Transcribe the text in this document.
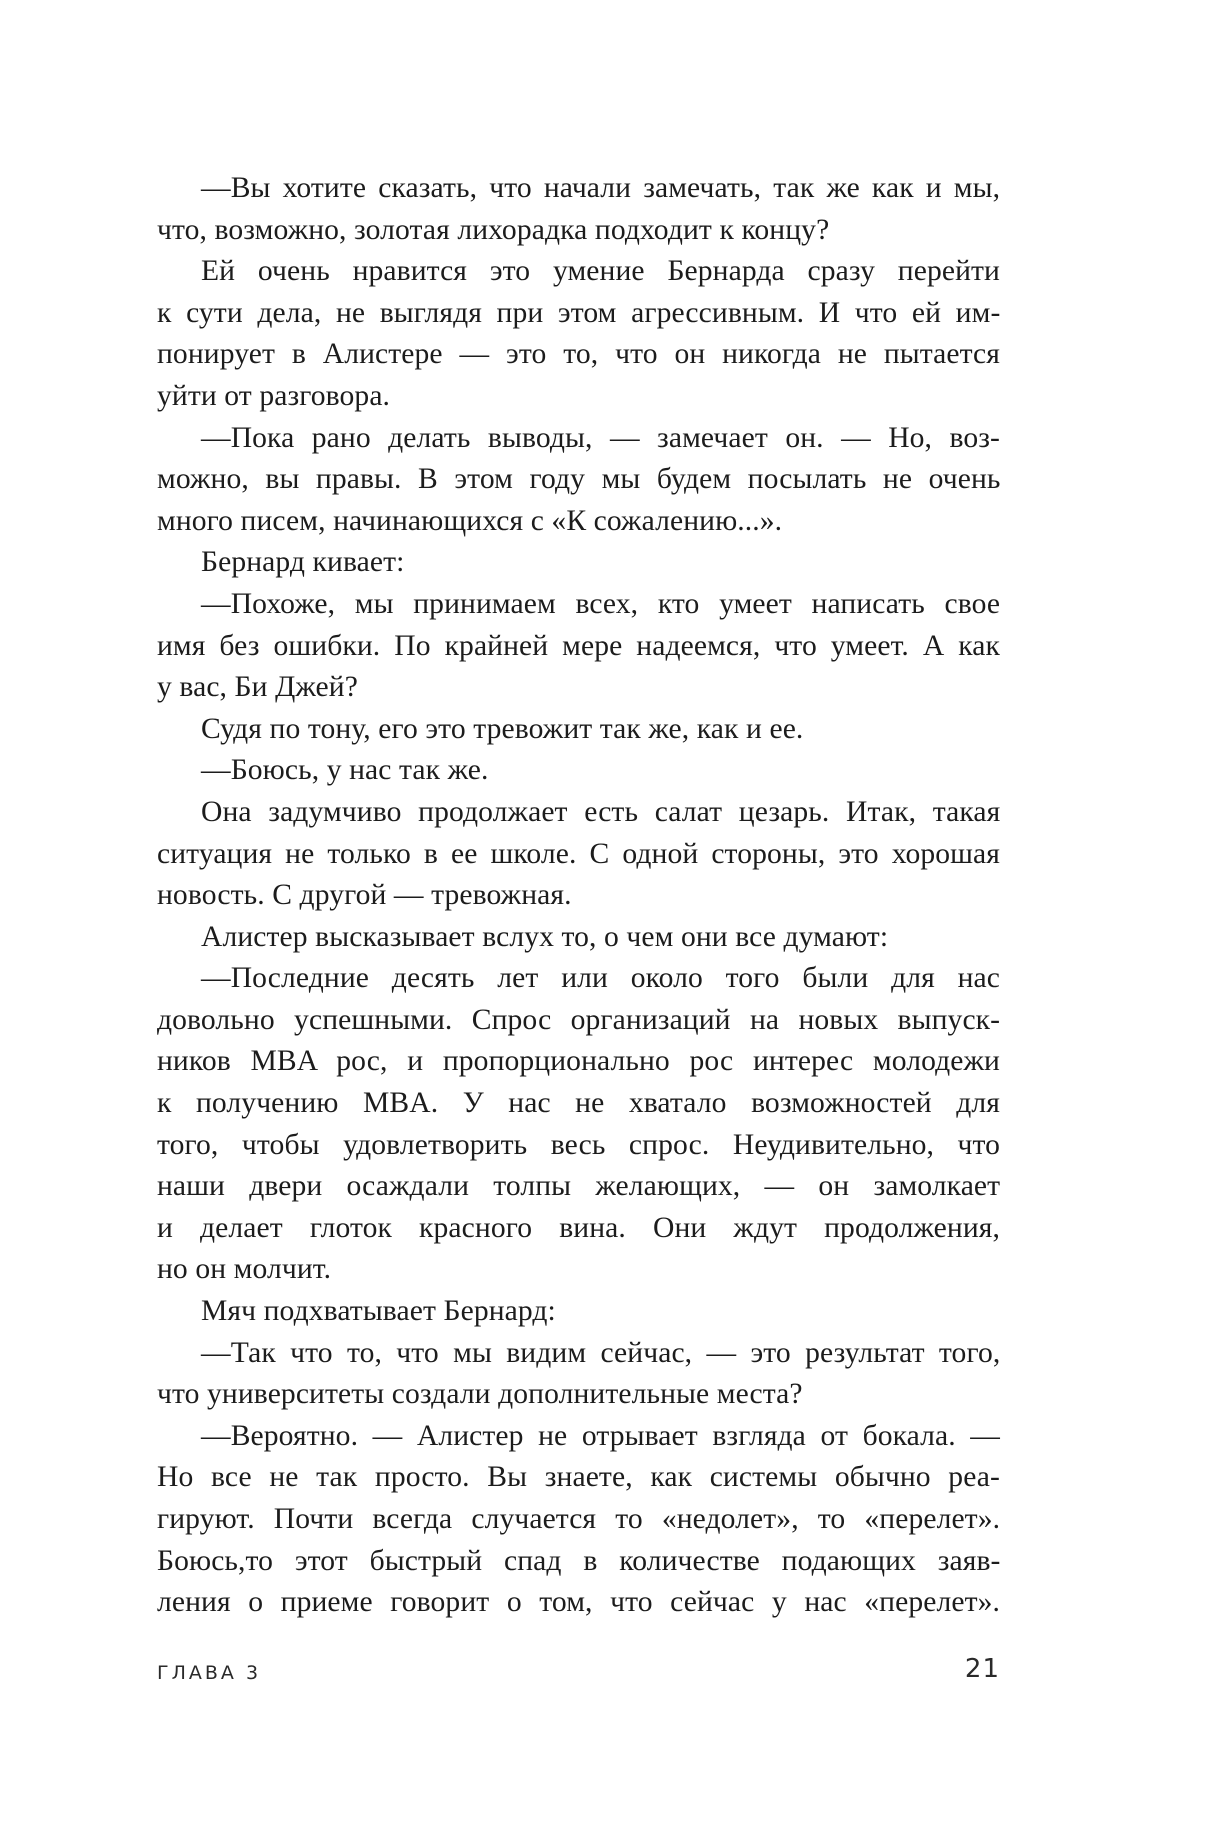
—Вы хотите сказать, что начали замечать, так же как и мы,
что, возможно, золотая лихорадка подходит к концу?
Ей очень нравится это умение Бернарда сразу перейти
к сути дела, не выглядя при этом агрессивным. И что ей им-
понирует в Алистере — это то, что он никогда не пытается
уйти от разговора.
—Пока рано делать выводы, — замечает он. — Но, воз-
можно, вы правы. В этом году мы будем посылать не очень
много писем, начинающихся с «К сожалению...».
Бернард кивает:
—Похоже, мы принимаем всех, кто умеет написать свое
имя без ошибки. По крайней мере надеемся, что умеет. А как
у вас, Би Джей?
Судя по тону, его это тревожит так же, как и ее.
—Боюсь, у нас так же.
Она задумчиво продолжает есть салат цезарь. Итак, такая
ситуация не только в ее школе. С одной стороны, это хорошая
новость. С другой — тревожная.
Алистер высказывает вслух то, о чем они все думают:
—Последние десять лет или около того были для нас
довольно успешными. Спрос организаций на новых выпуск-
ников MBA рос, и пропорционально рос интерес молодежи
к получению MBA. У нас не хватало возможностей для
того, чтобы удовлетворить весь спрос. Неудивительно, что
наши двери осаждали толпы желающих, — он замолкает
и делает глоток красного вина. Они ждут продолжения,
но он молчит.
Мяч подхватывает Бернард:
—Так что то, что мы видим сейчас, — это результат того,
что университеты создали дополнительные места?
—Вероятно. — Алистер не отрывает взгляда от бокала. —
Но все не так просто. Вы знаете, как системы обычно реа-
гируют. Почти всегда случается то «недолет», то «перелет».
Боюсь,то этот быстрый спад в количестве подающих заяв-
ления о приеме говорит о том, что сейчас у нас «перелет».
ГЛАВА 3	21
